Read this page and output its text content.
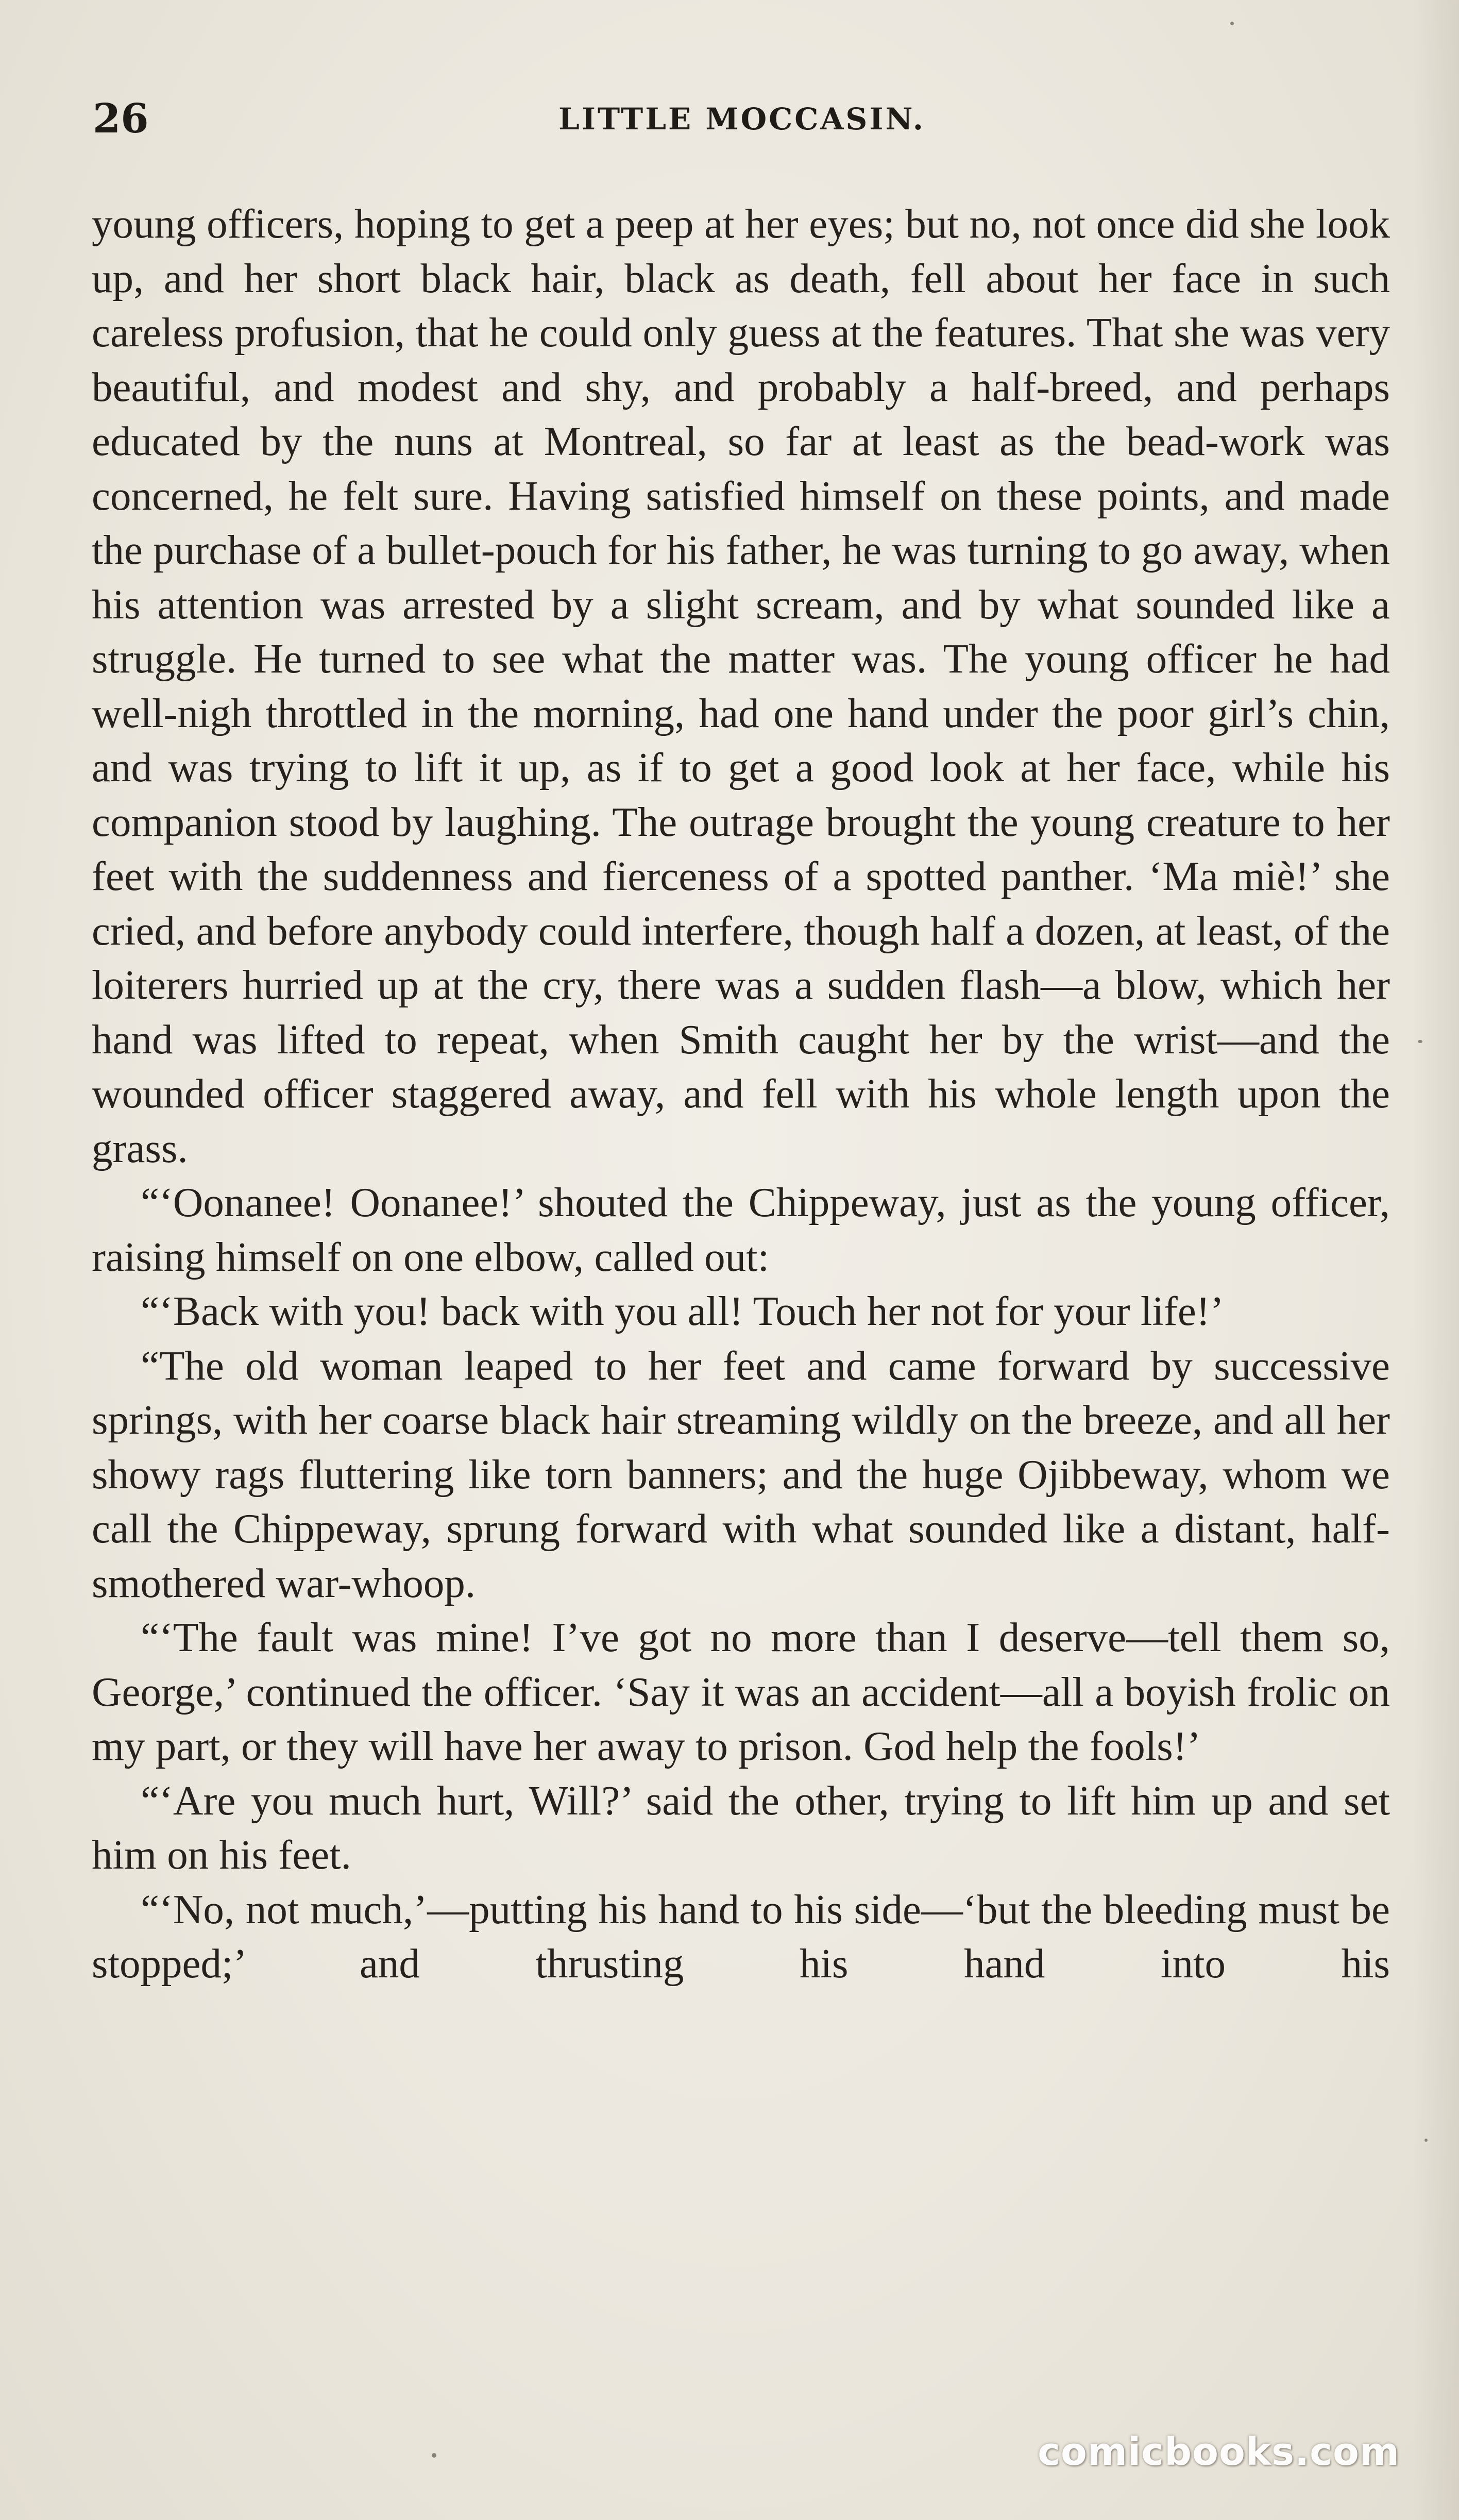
26	LITTLE MOCCASIN.

young officers, hoping to get a peep at her eyes; but no, not once did she look up, and her short black hair, black as death, fell about her face in such careless profusion, that he could only guess at the features. That she was very beautiful, and modest and shy, and probably a half-breed, and perhaps educated by the nuns at Montreal, so far at least as the bead-work was concerned, he felt sure. Having satisfied himself on these points, and made the purchase of a bullet-pouch for his father, he was turning to go away, when his attention was arrested by a slight scream, and by what sounded like a struggle. He turned to see what the matter was. The young officer he had well-nigh throttled in the morning, had one hand under the poor girl’s chin, and was trying to lift it up, as if to get a good look at her face, while his companion stood by laughing. The outrage brought the young creature to her feet with the suddenness and fierceness of a spotted panther. ‘Ma miè!’ she cried, and before anybody could interfere, though half a dozen, at least, of the loiterers hurried up at the cry, there was a sudden flash—a blow, which her hand was lifted to repeat, when Smith caught her by the wrist—and the wounded officer staggered away, and fell with his whole length upon the grass.

“‘Oonanee! Oonanee!’ shouted the Chippeway, just as the young officer, raising himself on one elbow, called out:

“‘Back with you! back with you all! Touch her not for your life!’

“The old woman leaped to her feet and came forward by successive springs, with her coarse black hair streaming wildly on the breeze, and all her showy rags fluttering like torn banners; and the huge Ojibbeway, whom we call the Chippeway, sprung forward with what sounded like a distant, half-smothered war-whoop.

“‘The fault was mine! I’ve got no more than I deserve—tell them so, George,’ continued the officer. ‘Say it was an accident—all a boyish frolic on my part, or they will have her away to prison. God help the fools!’

“‘Are you much hurt, Will?’ said the other, trying to lift him up and set him on his feet.

“‘No, not much,’—putting his hand to his side—‘but the bleeding must be stopped;’ and thrusting his hand into his

comicbooks.com
